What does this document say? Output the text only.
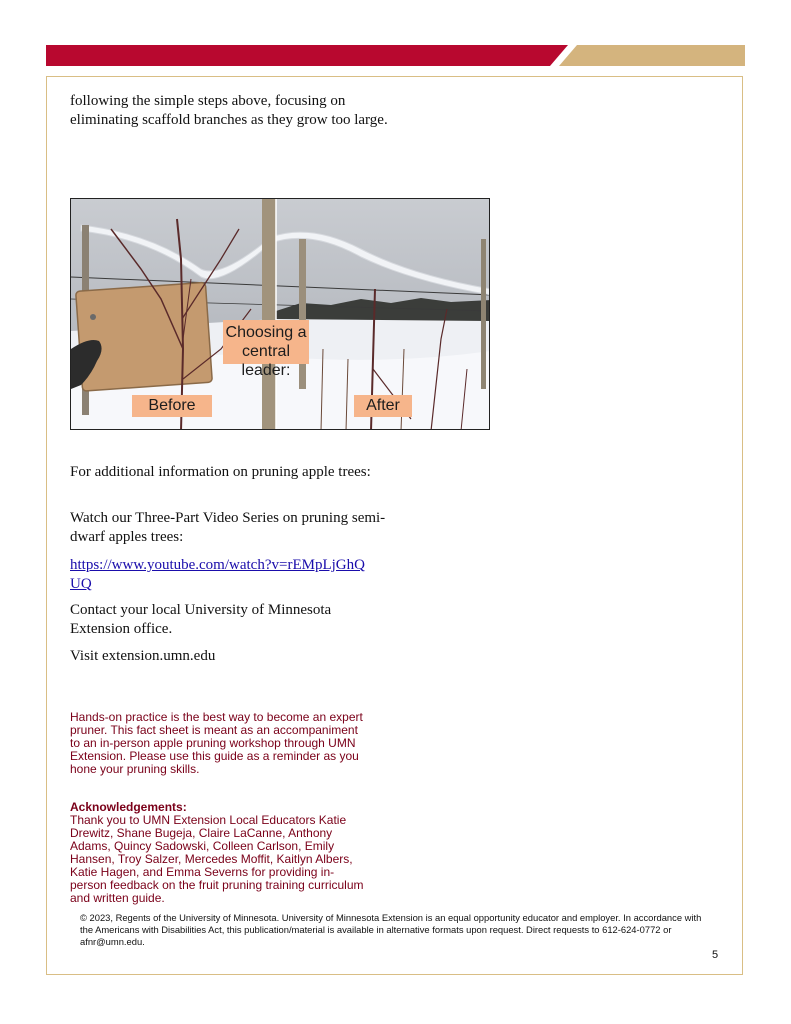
following the simple steps above, focusing on eliminating scaffold branches as they grow too large.

Before	After
Choosing a
central leader:

For additional information on pruning apple trees:

Watch our Three-Part Video Series on pruning semi-dwarf apples trees:

https://www.youtube.com/watch?v=rEMpLjGhQUQ

Contact your local University of Minnesota Extension office.

Visit extension.umn.edu

Hands-on practice is the best way to become an expert pruner. This fact sheet is meant as an accompaniment to an in-person apple pruning workshop through UMN Extension. Please use this guide as a reminder as you hone your pruning skills.

Acknowledgements:
Thank you to UMN Extension Local Educators Katie Drewitz, Shane Bugeja, Claire LaCanne, Anthony Adams, Quincy Sadowski, Colleen Carlson, Emily Hansen, Troy Salzer, Mercedes Moffit, Kaitlyn Albers, Katie Hagen, and Emma Severns for providing in-person feedback on the fruit pruning training curriculum and written guide.

© 2023, Regents of the University of Minnesota. University of Minnesota Extension is an equal opportunity educator and employer. In accordance with the Americans with Disabilities Act, this publication/material is available in alternative formats upon request. Direct requests to 612-624-0772 or afnr@umn.edu.

5
